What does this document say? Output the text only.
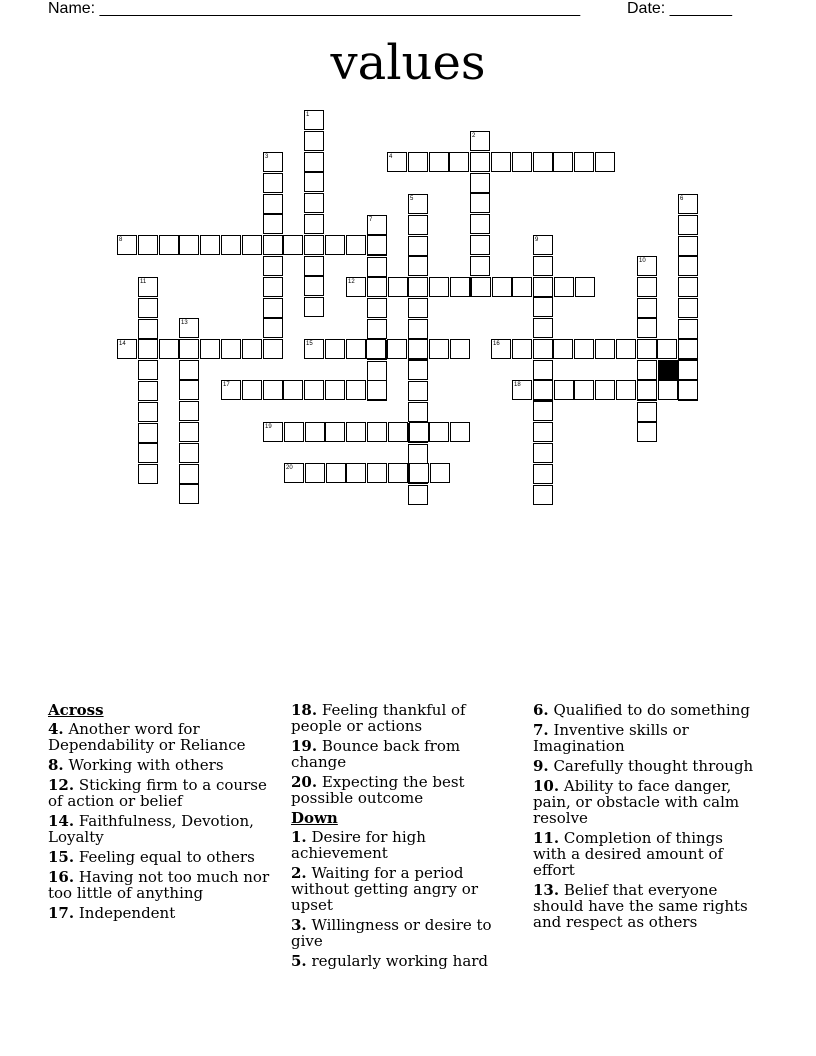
Name: ______________________________________________________	Date: _______
values
1
2
3	4
5	6
7
8	9
10
11	12
13
14	15	16
17	18
19
20
Across
4. Another word for Dependability or Reliance
8. Working with others
12. Sticking firm to a course of action or belief
14. Faithfulness, Devotion, Loyalty
15. Feeling equal to others
16. Having not too much nor too little of anything
17. Independent
18. Feeling thankful of people or actions
19. Bounce back from change
20. Expecting the best possible outcome
Down
1. Desire for high achievement
2. Waiting for a period without getting angry or upset
3. Willingness or desire to give
5. regularly working hard
6. Qualified to do something
7. Inventive skills or Imagination
9. Carefully thought through
10. Ability to face danger, pain, or obstacle with calm resolve
11. Completion of things with a desired amount of effort
13. Belief that everyone should have the same rights and respect as others
